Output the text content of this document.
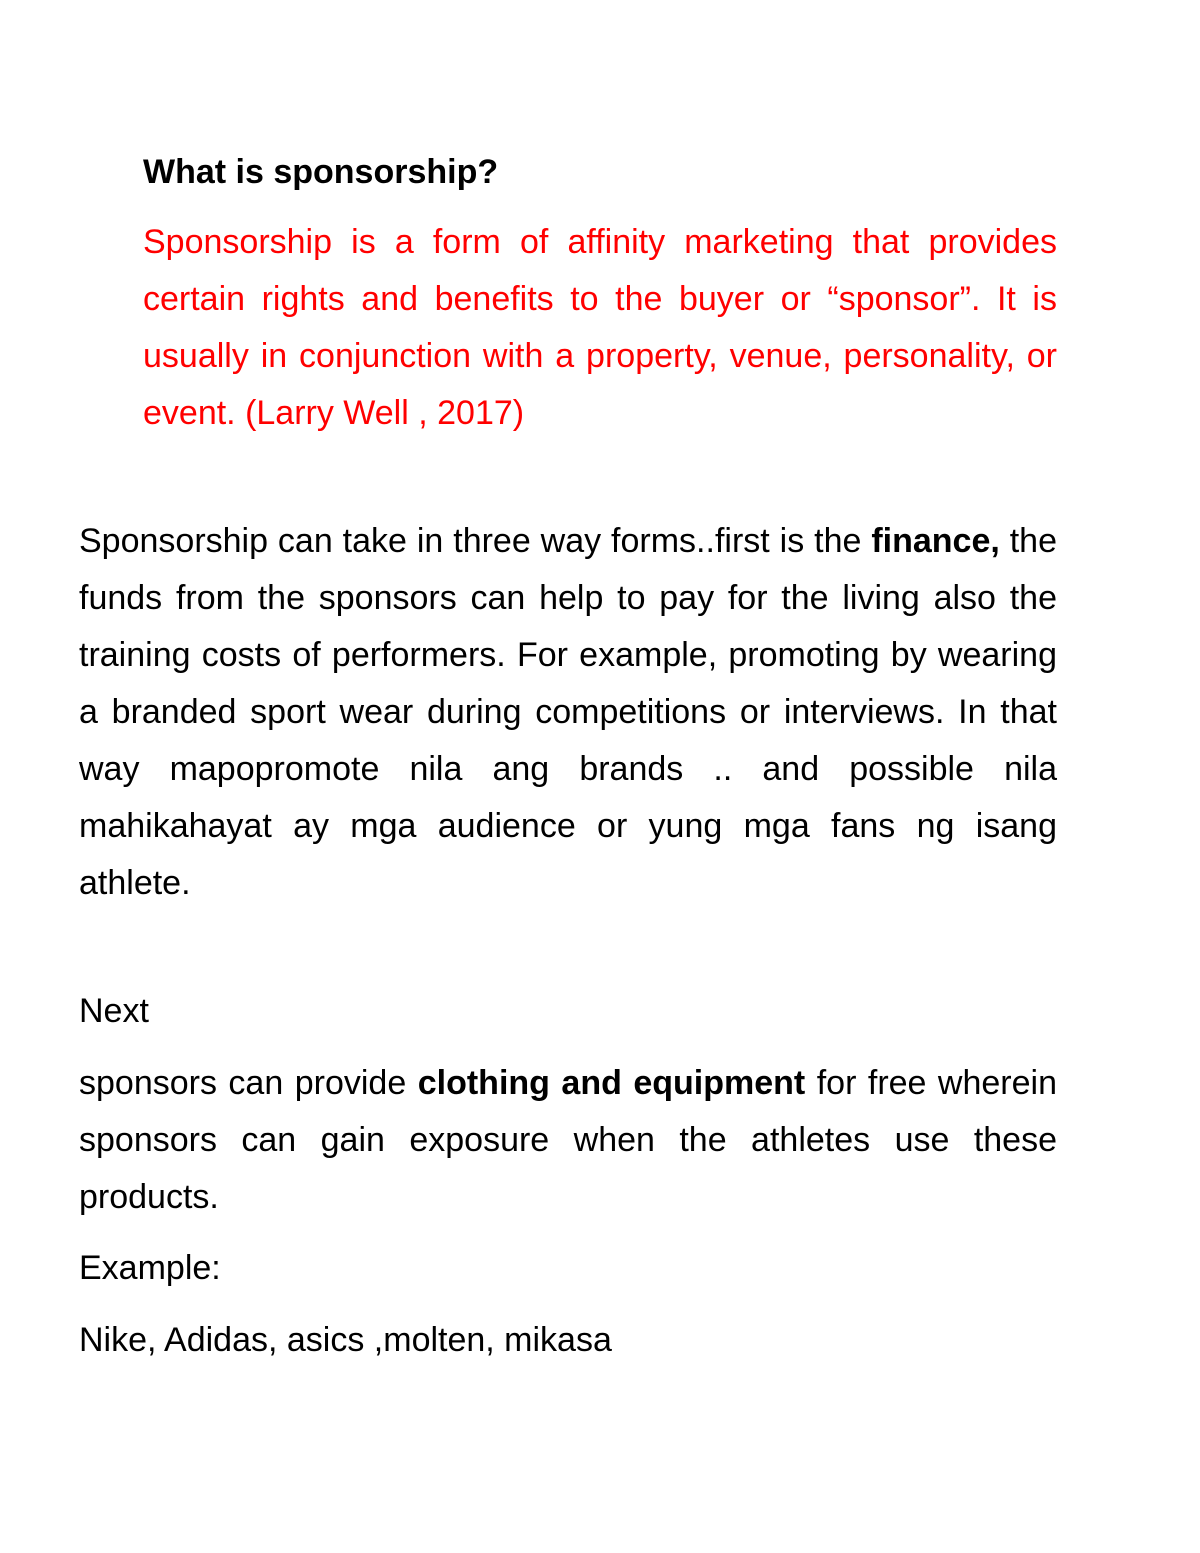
What is sponsorship?
Sponsorship is a form of affinity marketing that provides certain rights and benefits to the buyer or “sponsor”. It is usually in conjunction with a property, venue, personality, or event. (Larry Well , 2017)
Sponsorship can take in three way forms..first is the finance, the funds from the sponsors can help to pay for the living also the training costs of performers. For example, promoting by wearing a branded sport wear during competitions or interviews. In that way mapopromote nila ang brands .. and possible nila mahikahayat ay mga audience or yung mga fans ng isang athlete.
Next
sponsors can provide clothing and equipment for free wherein sponsors can gain exposure when the athletes use these products.
Example:
Nike, Adidas, asics ,molten, mikasa
